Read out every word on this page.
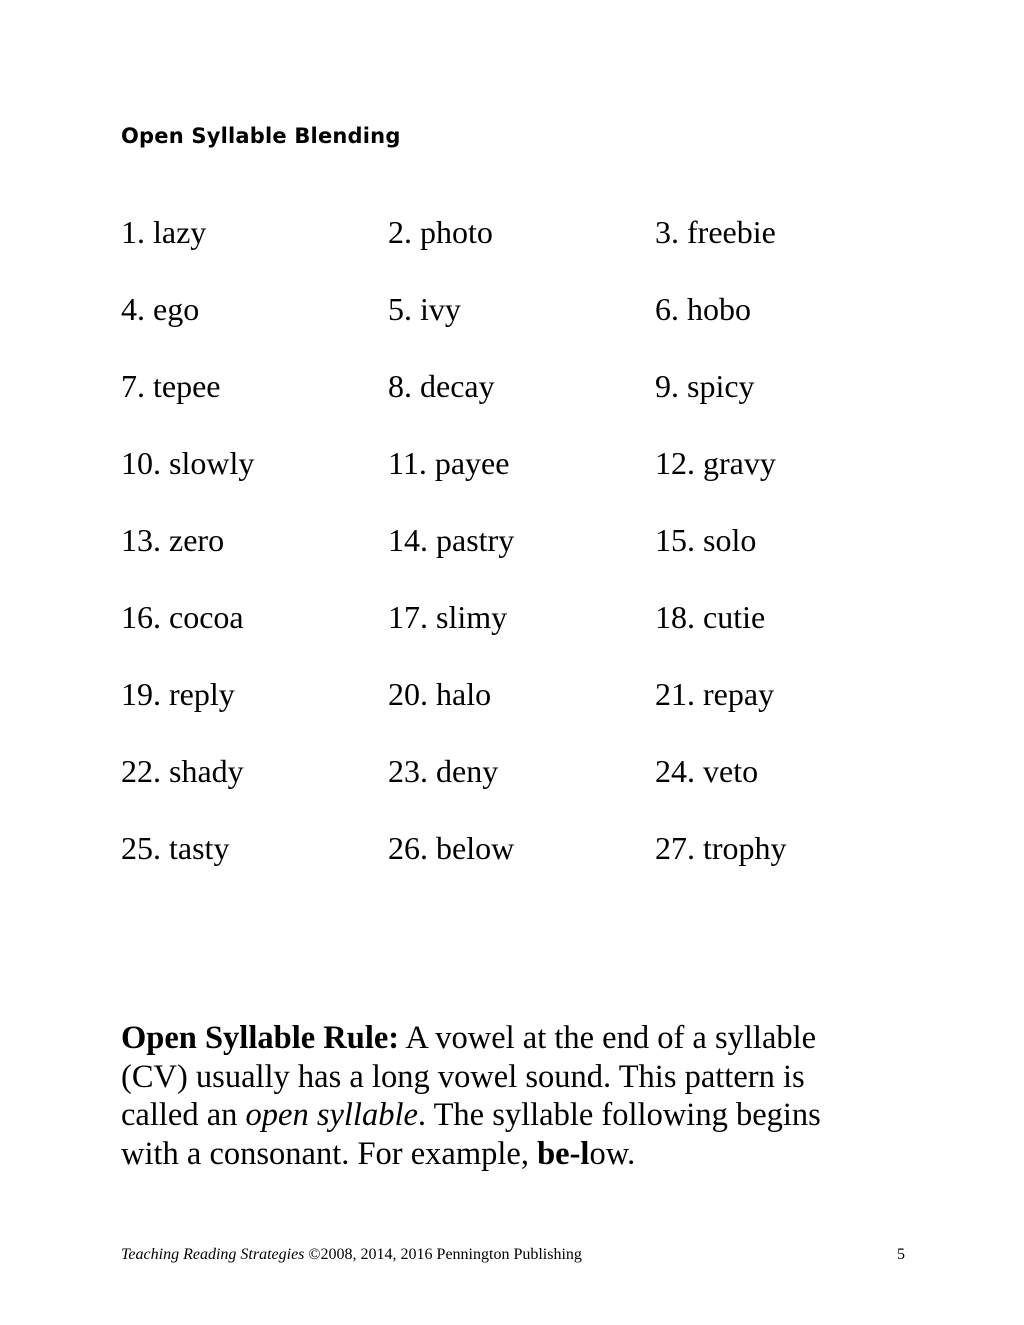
Open Syllable Blending
1. lazy	2. photo	3. freebie
4. ego	5. ivy	6. hobo
7. tepee	8. decay	9. spicy
10. slowly	11. payee	12. gravy
13. zero	14. pastry	15. solo
16. cocoa	17. slimy	18. cutie
19. reply	20. halo	21. repay
22. shady	23. deny	24. veto
25. tasty	26. below	27. trophy

Open Syllable Rule: A vowel at the end of a syllable (CV) usually has a long vowel sound. This pattern is called an open syllable. The syllable following begins with a consonant. For example, be-low.

Teaching Reading Strategies ©2008, 2014, 2016 Pennington Publishing	5
